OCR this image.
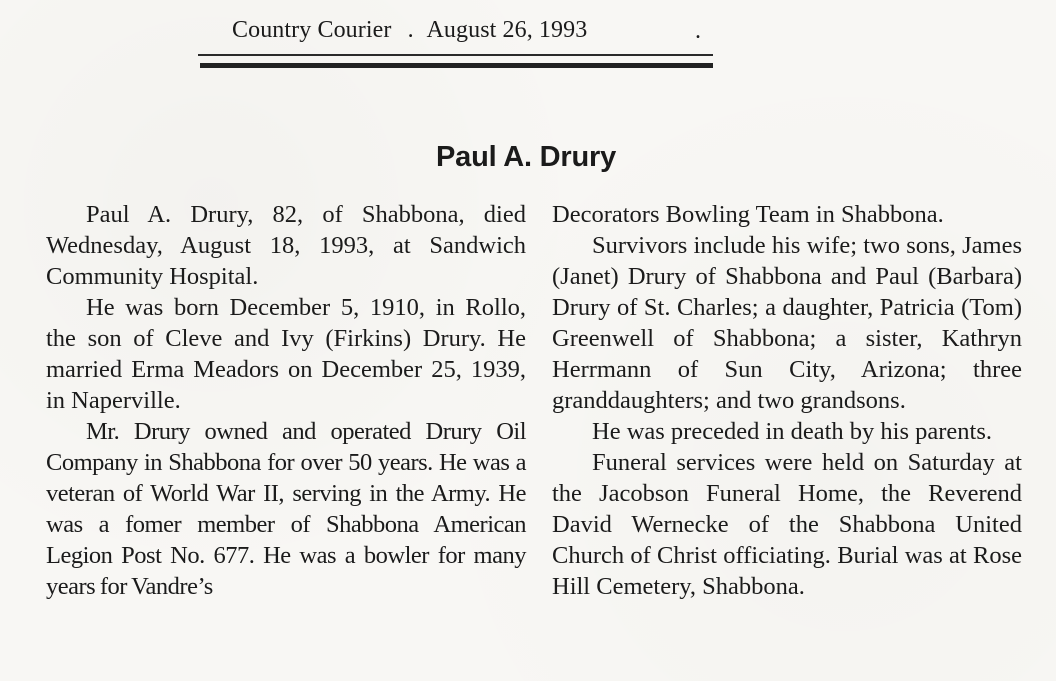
Country Courier . August 26, 1993	.
Paul A. Drury

Paul A. Drury, 82, of Shabbona, died Wednesday, August 18, 1993, at Sandwich Community Hospital.

He was born December 5, 1910, in Rollo, the son of Cleve and Ivy (Firkins) Drury. He married Erma Meadors on December 25, 1939, in Naperville.

Mr. Drury owned and operated Drury Oil Company in Shabbona for over 50 years. He was a veteran of World War II, serving in the Army. He was a fomer member of Shabbona American Legion Post No. 677. He was a bowler for many years for Vandre’s

Decorators Bowling Team in Shabbona.

Survivors include his wife; two sons, James (Janet) Drury of Shabbona and Paul (Barbara) Drury of St. Charles; a daughter, Patricia (Tom) Greenwell of Shabbona; a sister, Kathryn Herrmann of Sun City, Arizona; three granddaughters; and two grandsons.

He was preceded in death by his parents.

Funeral services were held on Saturday at the Jacobson Funeral Home, the Reverend David Wernecke of the Shabbona United Church of Christ officiating. Burial was at Rose Hill Cemetery, Shabbona.
